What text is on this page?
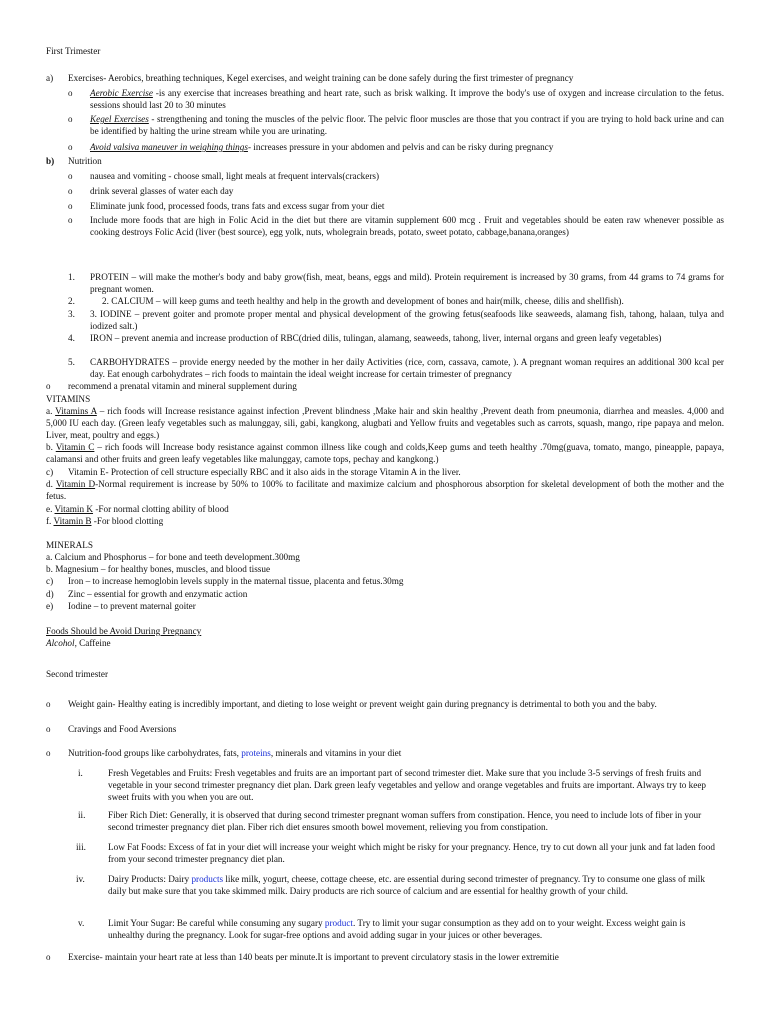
First Trimester
a) Exercises- Aerobics, breathing techniques, Kegel exercises, and weight training can be done safely during the first trimester of pregnancy
o Aerobic Exercise -is any exercise that increases breathing and heart rate, such as brisk walking. It improve the body's use of oxygen and increase circulation to the fetus. sessions should last 20 to 30 minutes
o Kegel Exercises - strengthening and toning the muscles of the pelvic floor. The pelvic floor muscles are those that you contract if you are trying to hold back urine and can be identified by halting the urine stream while you are urinating.
o Avoid valsiva maneuver in weighing things- increases pressure in your abdomen and pelvis and can be risky during pregnancy
b) Nutrition
o nausea and vomiting - choose small, light meals at frequent intervals(crackers)
o drink several glasses of water each day
o Eliminate junk food, processed foods, trans fats and excess sugar from your diet
o Include more foods that are high in Folic Acid in the diet but there are vitamin supplement 600 mcg . Fruit and vegetables should be eaten raw whenever possible as cooking destroys Folic Acid (liver (best source), egg yolk, nuts, wholegrain breads, potato, sweet potato, cabbage,banana,oranges)
1. PROTEIN – will make the mother's body and baby grow(fish, meat, beans, eggs and mild). Protein requirement is increased by 30 grams, from 44 grams to 74 grams for pregnant women.
2.	2. CALCIUM – will keep gums and teeth healthy and help in the growth and development of bones and hair(milk, cheese, dilis and shellfish).
3. 3. IODINE – prevent goiter and promote proper mental and physical development of the growing fetus(seafoods like seaweeds, alamang fish, tahong, halaan, tulya and iodized salt.)
4. IRON – prevent anemia and increase production of RBC(dried dilis, tulingan, alamang, seaweeds, tahong, liver, internal organs and green leafy vegetables)
5. CARBOHYDRATES – provide energy needed by the mother in her daily Activities (rice, corn, cassava, camote, ). A pregnant woman requires an additional 300 kcal per day. Eat enough carbohydrates – rich foods to maintain the ideal weight increase for certain trimester of pregnancy
o recommend a prenatal vitamin and mineral supplement during
VITAMINS
a. Vitamins A – rich foods will Increase resistance against infection ,Prevent blindness ,Make hair and skin healthy ,Prevent death from pneumonia, diarrhea and measles. 4,000 and 5,000 IU each day. (Green leafy vegetables such as malunggay, sili, gabi, kangkong, alugbati and Yellow fruits and vegetables such as carrots, squash, mango, ripe papaya and melon. Liver, meat, poultry and eggs.)
b. Vitamin C – rich foods will Increase body resistance against common illness like cough and colds,Keep gums and teeth healthy .70mg(guava, tomato, mango, pineapple, papaya, calamansi and other fruits and green leafy vegetables like malunggay, camote tops, pechay and kangkong.)
c) Vitamin E- Protection of cell structure especially RBC and it also aids in the storage Vitamin A in the liver.
d. Vitamin D-Normal requirement is increase by 50% to 100% to facilitate and maximize calcium and phosphorous absorption for skeletal development of both the mother and the fetus.
e. Vitamin K -For normal clotting ability of blood
f. Vitamin B -For blood clotting
MINERALS
a. Calcium and Phosphorus – for bone and teeth development.300mg
b. Magnesium – for healthy bones, muscles, and blood tissue
c) Iron – to increase hemoglobin levels supply in the maternal tissue, placenta and fetus.30mg
d) Zinc – essential for growth and enzymatic action
e) Iodine – to prevent maternal goiter
Foods Should be Avoid During Pregnancy
Alcohol, Caffeine
Second trimester
o Weight gain- Healthy eating is incredibly important, and dieting to lose weight or prevent weight gain during pregnancy is detrimental to both you and the baby.
o Cravings and Food Aversions
o Nutrition-food groups like carbohydrates, fats, proteins, minerals and vitamins in your diet
i.	Fresh Vegetables and Fruits: Fresh vegetables and fruits are an important part of second trimester diet. Make sure that you include 3-5 servings of fresh fruits and vegetable in your second trimester pregnancy diet plan. Dark green leafy vegetables and yellow and orange vegetables and fruits are important. Always try to keep sweet fruits with you when you are out.
ii. Fiber Rich Diet: Generally, it is observed that during second trimester pregnant woman suffers from constipation. Hence, you need to include lots of fiber in your second trimester pregnancy diet plan. Fiber rich diet ensures smooth bowel movement, relieving you from constipation.
iii. Low Fat Foods: Excess of fat in your diet will increase your weight which might be risky for your pregnancy. Hence, try to cut down all your junk and fat laden food from your second trimester pregnancy diet plan.
iv.	Dairy Products: Dairy products like milk, yogurt, cheese, cottage cheese, etc. are essential during second trimester of pregnancy. Try to consume one glass of milk daily but make sure that you take skimmed milk. Dairy products are rich source of calcium and are essential for healthy growth of your child.
v.	Limit Your Sugar: Be careful while consuming any sugary product. Try to limit your sugar consumption as they add on to your weight. Excess weight gain is unhealthy during the pregnancy. Look for sugar-free options and avoid adding sugar in your juices or other beverages.
o Exercise- maintain your heart rate at less than 140 beats per minute.It is important to prevent circulatory stasis in the lower extremitie
